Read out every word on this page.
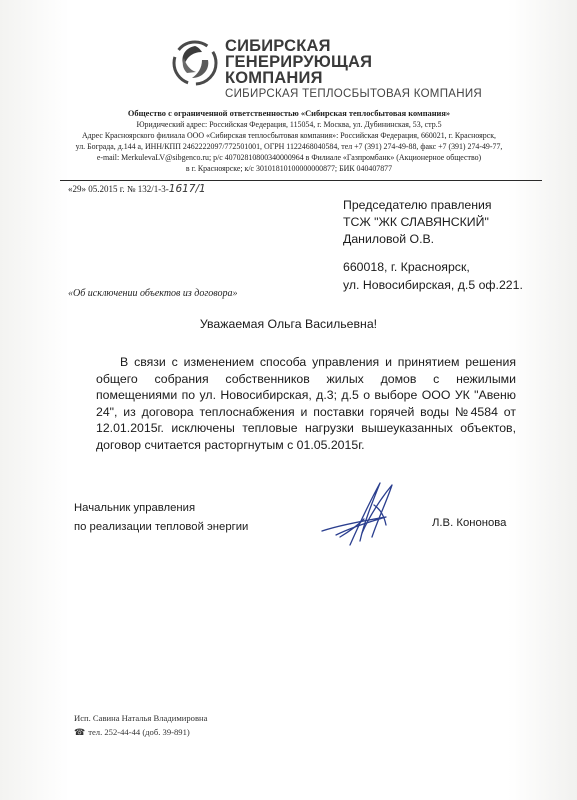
СИБИРСКАЯ
ГЕНЕРИРУЮЩАЯ
КОМПАНИЯ
СИБИРСКАЯ ТЕПЛОСБЫТОВАЯ КОМПАНИЯ
Общество с ограниченной ответственностью «Сибирская теплосбытовая компания»
Юридический адрес: Российская Федерация, 115054, г. Москва, ул. Дубининская, 53, стр.5
Адрес Красноярского филиала ООО «Сибирская теплосбытовая компания»: Российская Федерация, 660021, г. Красноярск,
ул. Бограда, д.144 а, ИНН/КПП 2462222097/772501001, ОГРН 1122468040584, тел +7 (391) 274-49-88, факс +7 (391) 274-49-77,
e-mail: MerkulevaLV@sibgenco.ru; р/с 40702810800340000964 в Филиале «Газпромбанк» (Акционерное общество)
в г. Красноярске; к/с 30101810100000000877; БИК 040407877
«29» 05.2015 г. № 132/1-3-1617/1
Председателю правления
ТСЖ "ЖК СЛАВЯНСКИЙ"
Даниловой О.В.
660018, г. Красноярск,
ул. Новосибирская, д.5 оф.221.
«Об исключении объектов из договора»
Уважаемая Ольга Васильевна!
В связи с изменением способа управления и принятием решения общего собрания собственников жилых домов с нежилыми помещениями по ул. Новосибирская, д.3; д.5 о выборе ООО УК "Авеню 24", из договора теплоснабжения и поставки горячей воды №4584 от 12.01.2015г. исключены тепловые нагрузки вышеуказанных объектов, договор считается расторгнутым с 01.05.2015г.
Начальник управления
по реализации тепловой энергии	Л.В. Кононова
Исп. Савина Наталья Владимировна
☎ тел. 252-44-44 (доб. 39-891)
